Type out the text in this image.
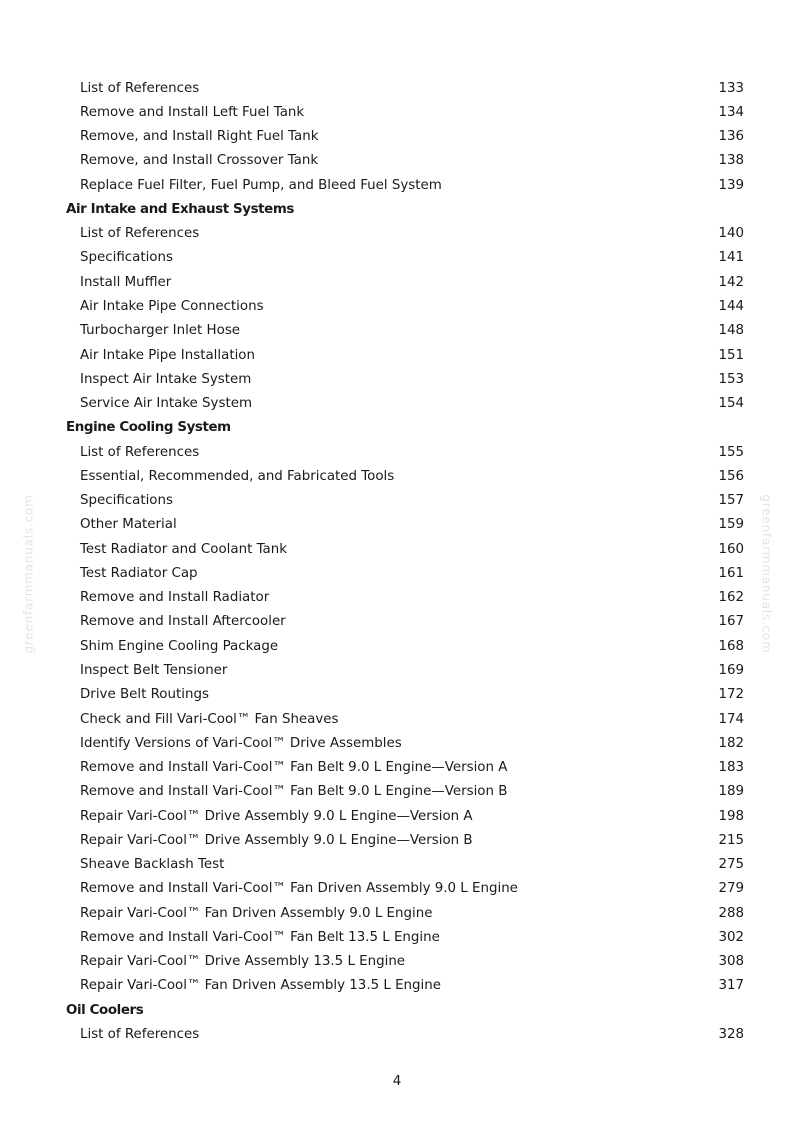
List of References	133
Remove and Install Left Fuel Tank	134
Remove, and Install Right Fuel Tank	136
Remove, and Install Crossover Tank	138
Replace Fuel Filter, Fuel Pump, and Bleed Fuel System	139
Air Intake and Exhaust Systems
List of References	140
Specifications	141
Install Muffler	142
Air Intake Pipe Connections	144
Turbocharger Inlet Hose	148
Air Intake Pipe Installation	151
Inspect Air Intake System	153
Service Air Intake System	154
Engine Cooling System
List of References	155
Essential, Recommended, and Fabricated Tools	156
Specifications	157
Other Material	159
Test Radiator and Coolant Tank	160
Test Radiator Cap	161
Remove and Install Radiator	162
Remove and Install Aftercooler	167
Shim Engine Cooling Package	168
Inspect Belt Tensioner	169
Drive Belt Routings	172
Check and Fill Vari-Cool™ Fan Sheaves	174
Identify Versions of Vari-Cool™ Drive Assembles	182
Remove and Install Vari-Cool™ Fan Belt 9.0 L Engine—Version A	183
Remove and Install Vari-Cool™ Fan Belt 9.0 L Engine—Version B	189
Repair Vari-Cool™ Drive Assembly 9.0 L Engine—Version A	198
Repair Vari-Cool™ Drive Assembly 9.0 L Engine—Version B	215
Sheave Backlash Test	275
Remove and Install Vari-Cool™ Fan Driven Assembly 9.0 L Engine	279
Repair Vari-Cool™ Fan Driven Assembly 9.0 L Engine	288
Remove and Install Vari-Cool™ Fan Belt 13.5 L Engine	302
Repair Vari-Cool™ Drive Assembly 13.5 L Engine	308
Repair Vari-Cool™ Fan Driven Assembly 13.5 L Engine	317
Oil Coolers
List of References	328
4
greenfarmmanuals.com	greenfarmmanuals.com
